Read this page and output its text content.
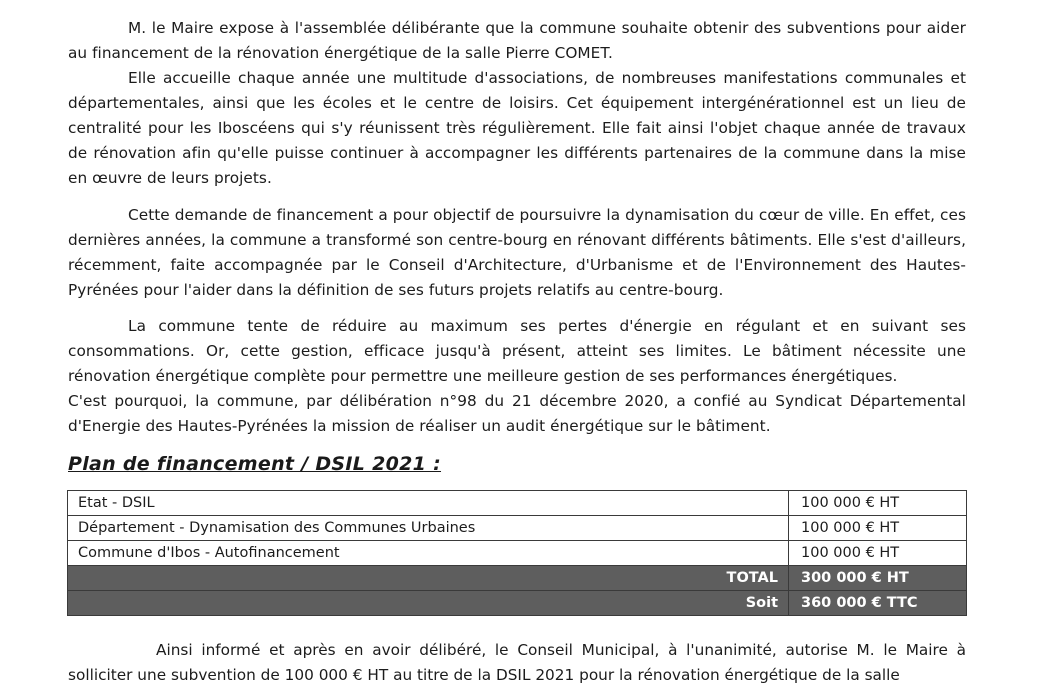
M. le Maire expose à l'assemblée délibérante que la commune souhaite obtenir des subventions pour aider au financement de la rénovation énergétique de la salle Pierre COMET.
Elle accueille chaque année une multitude d'associations, de nombreuses manifestations communales et départementales, ainsi que les écoles et le centre de loisirs. Cet équipement intergénérationnel est un lieu de centralité pour les Iboscéens qui s'y réunissent très régulièrement. Elle fait ainsi l'objet chaque année de travaux de rénovation afin qu'elle puisse continuer à accompagner les différents partenaires de la commune dans la mise en œuvre de leurs projets.
Cette demande de financement a pour objectif de poursuivre la dynamisation du cœur de ville. En effet, ces dernières années, la commune a transformé son centre-bourg en rénovant différents bâtiments. Elle s'est d'ailleurs, récemment, faite accompagnée par le Conseil d'Architecture, d'Urbanisme et de l'Environnement des Hautes-Pyrénées pour l'aider dans la définition de ses futurs projets relatifs au centre-bourg.
La commune tente de réduire au maximum ses pertes d'énergie en régulant et en suivant ses consommations. Or, cette gestion, efficace jusqu'à présent, atteint ses limites. Le bâtiment nécessite une rénovation énergétique complète pour permettre une meilleure gestion de ses performances énergétiques.
C'est pourquoi, la commune, par délibération n°98 du 21 décembre 2020, a confié au Syndicat Départemental d'Energie des Hautes-Pyrénées la mission de réaliser un audit énergétique sur le bâtiment.
Plan de financement / DSIL 2021 :
Etat - DSIL	100 000 € HT
Département - Dynamisation des Communes Urbaines	100 000 € HT
Commune d'Ibos - Autofinancement	100 000 € HT
TOTAL	300 000 € HT
Soit	360 000 € TTC
Ainsi informé et après en avoir délibéré, le Conseil Municipal, à l'unanimité, autorise M. le Maire à solliciter une subvention de 100 000 € HT au titre de la DSIL 2021 pour la rénovation énergétique de la salle
